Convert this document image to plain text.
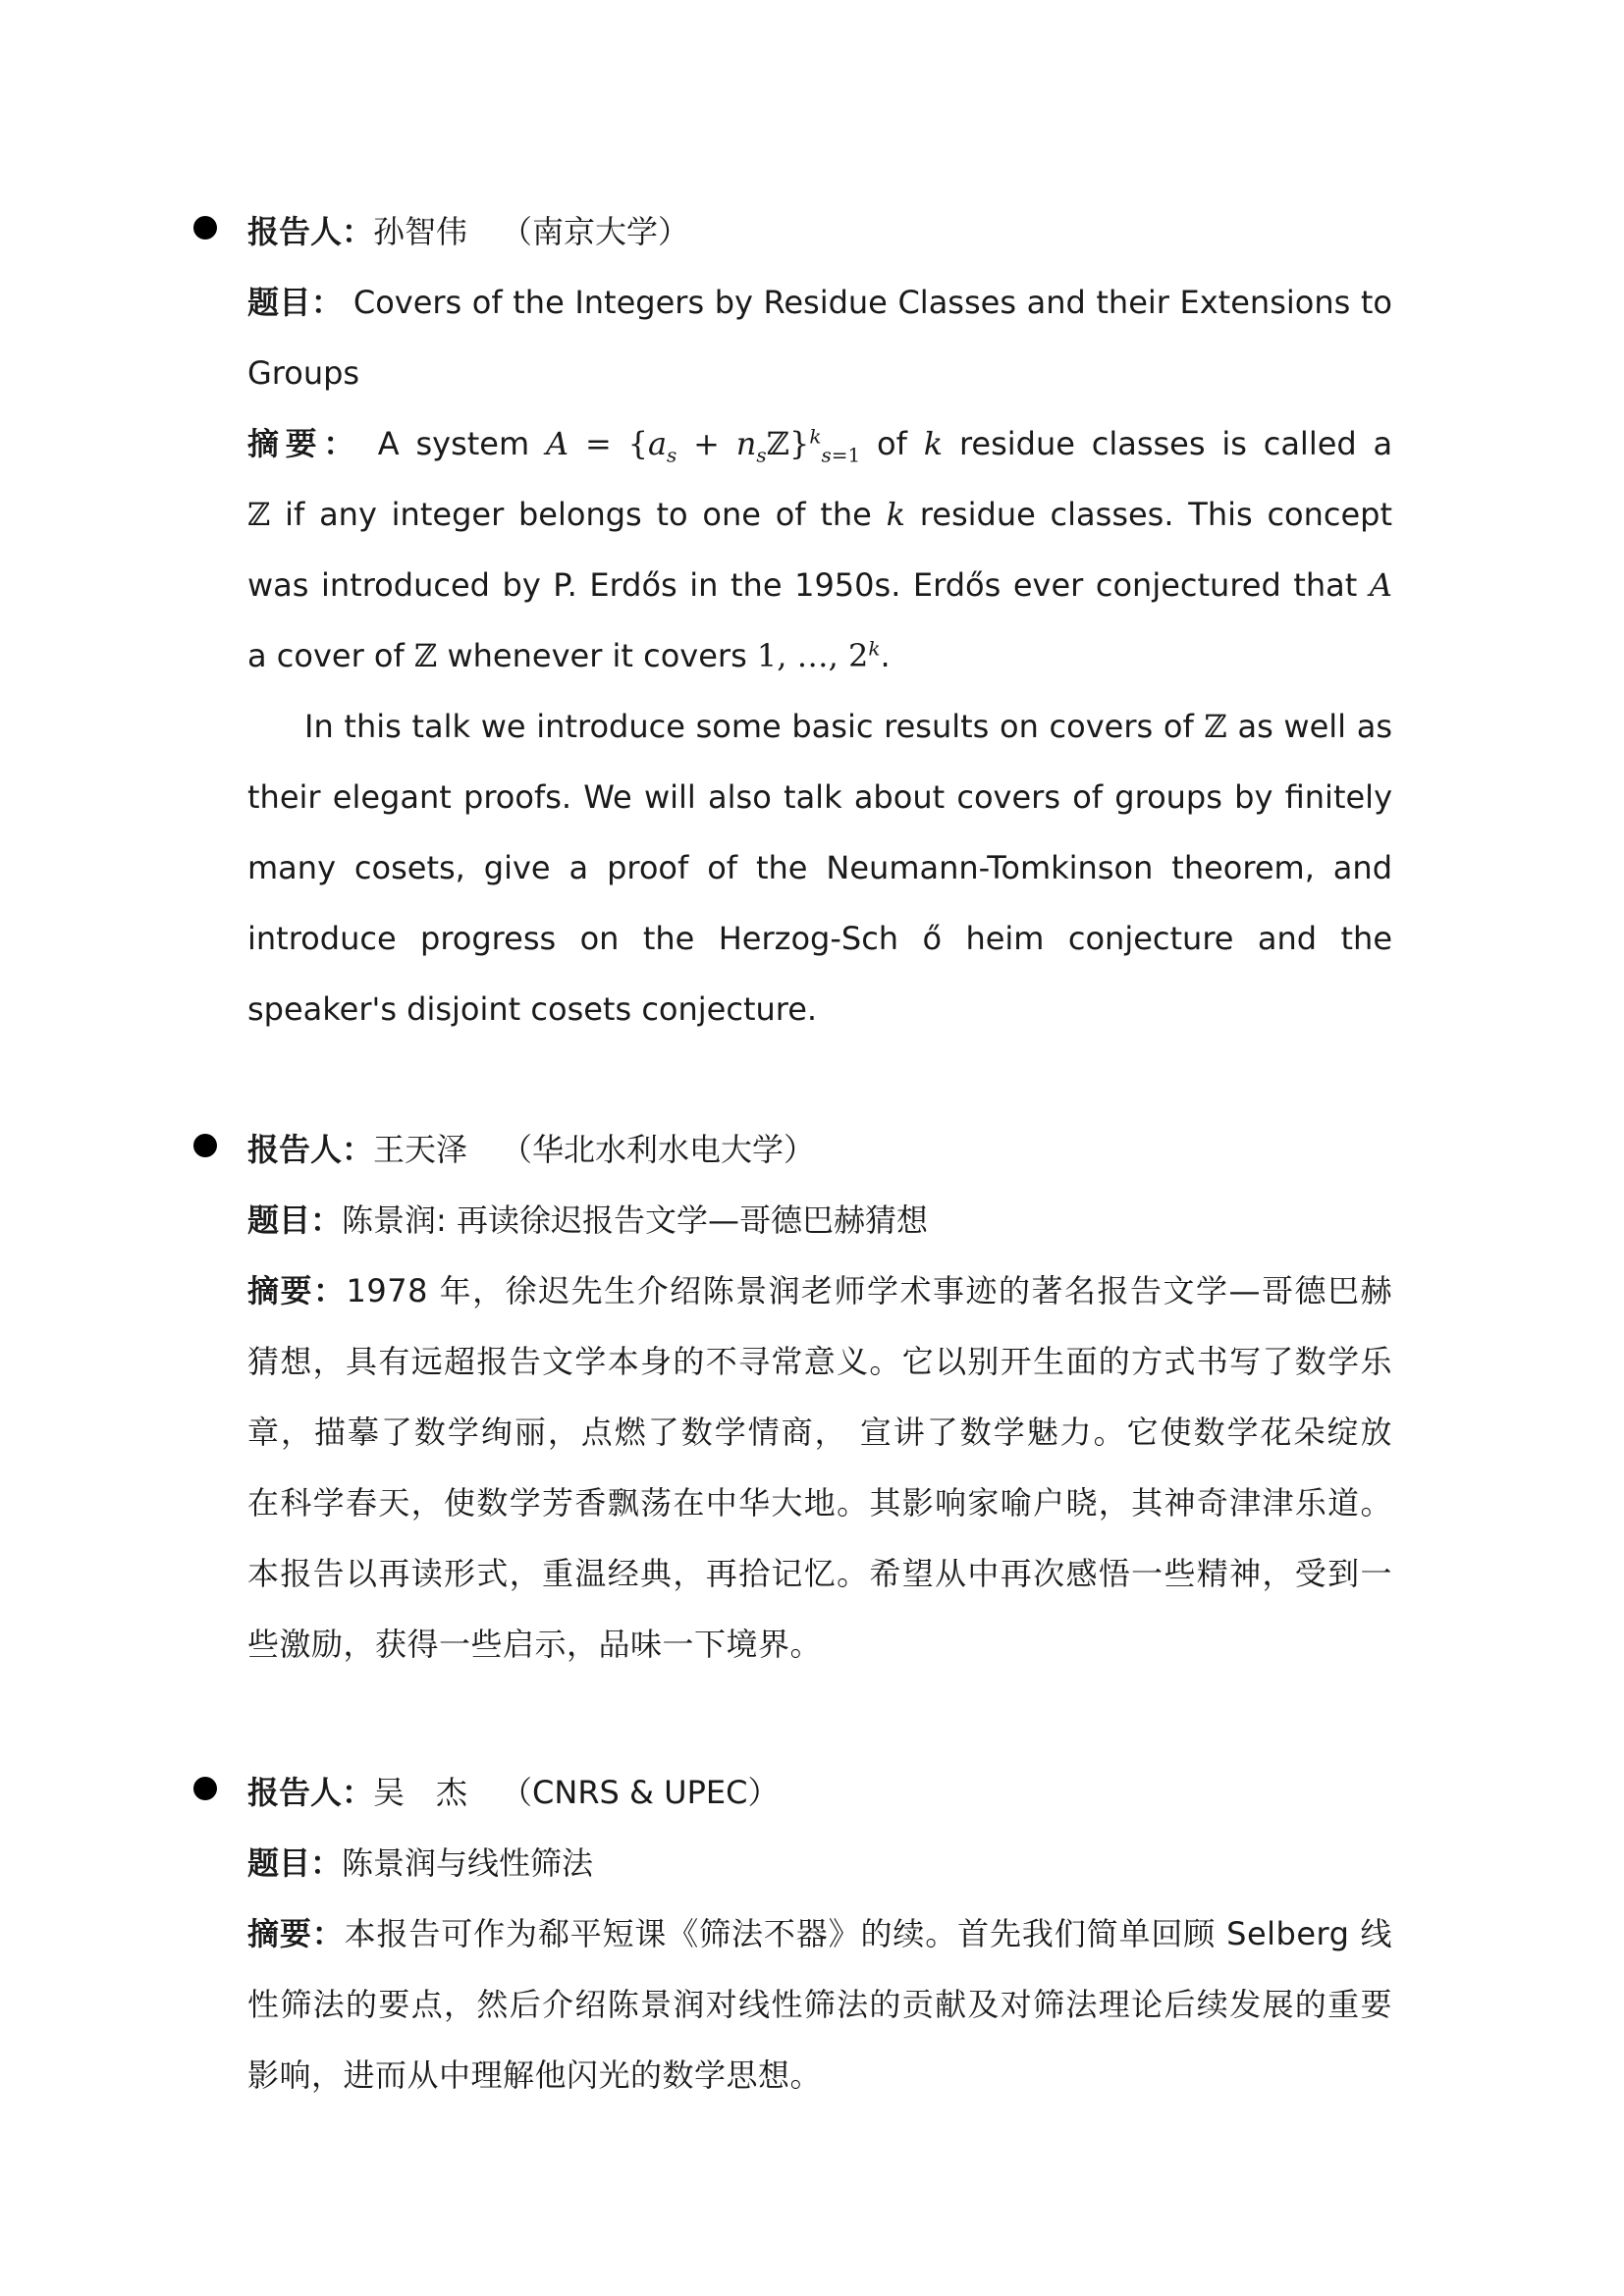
报告人：孙智伟 （南京大学）
题目： Covers of the Integers by Residue Classes and their Extensions to
Groups
摘要： A system $A = \{a_s$ + $n_sℤ\}^k_{s=1}$ of k residue classes is called a
ℤ if any integer belongs to one of the k residue classes. This concept
was introduced by P. Erdős in the 1950s. Erdős ever conjectured that A
a cover of ℤ whenever it covers 1, …, 2$^k$.
In this talk we introduce some basic results on covers of ℤ as well as
their elegant proofs. We will also talk about covers of groups by finitely
many cosets, give a proof of the Neumann-Tomkinson theorem, and
introduce progress on the Herzog-Sch ő heim conjecture and the
speaker's disjoint cosets conjecture.
报告人：王天泽 （华北水利水电大学）
题目：陈景润: 再读徐迟报告文学—哥德巴赫猜想
摘要：1978 年，徐迟先生介绍陈景润老师学术事迹的著名报告文学—哥德巴赫
猜想，具有远超报告文学本身的不寻常意义。它以别开生面的方式书写了数学乐
章，描摹了数学绚丽，点燃了数学情商， 宣讲了数学魅力。它使数学花朵绽放
在科学春天，使数学芳香飘荡在中华大地。其影响家喻户晓，其神奇津津乐道。
本报告以再读形式，重温经典，再拾记忆。希望从中再次感悟一些精神，受到一
些激励，获得一些启示，品味一下境界。
报告人：吴　杰 （CNRS & UPEC）
题目：陈景润与线性筛法
摘要：本报告可作为郗平短课《筛法不器》的续。首先我们简单回顾 Selberg 线
性筛法的要点，然后介绍陈景润对线性筛法的贡献及对筛法理论后续发展的重要
影响，进而从中理解他闪光的数学思想。
